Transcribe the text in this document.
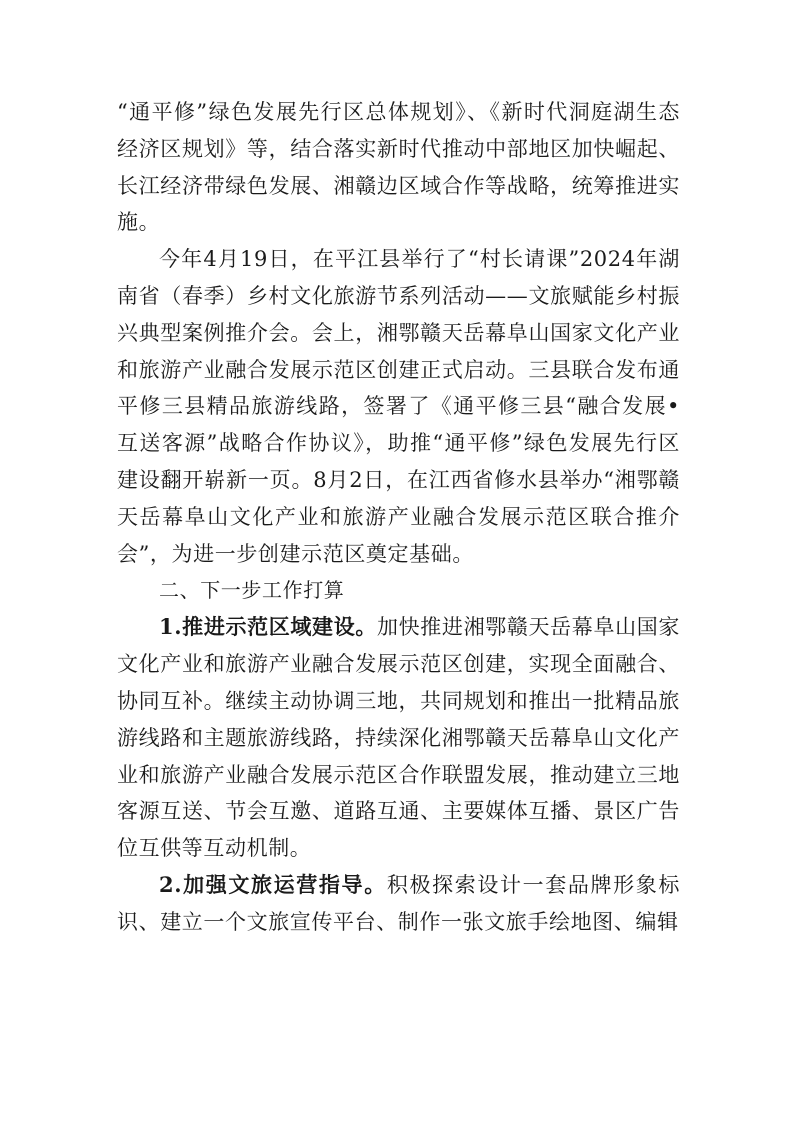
“通平修”绿色发展先行区总体规划》、《新时代洞庭湖生态经济区规划》等，结合落实新时代推动中部地区加快崛起、长江经济带绿色发展、湘赣边区域合作等战略，统筹推进实施。

今年4月19日，在平江县举行了“村长请课”2024年湖南省（春季）乡村文化旅游节系列活动——文旅赋能乡村振兴典型案例推介会。会上，湘鄂赣天岳幕阜山国家文化产业和旅游产业融合发展示范区创建正式启动。三县联合发布通平修三县精品旅游线路，签署了《通平修三县“融合发展•互送客源”战略合作协议》，助推“通平修”绿色发展先行区建设翻开崭新一页。8月2日，在江西省修水县举办“湘鄂赣天岳幕阜山文化产业和旅游产业融合发展示范区联合推介会”，为进一步创建示范区奠定基础。

二、下一步工作打算

1.推进示范区域建设。加快推进湘鄂赣天岳幕阜山国家文化产业和旅游产业融合发展示范区创建，实现全面融合、协同互补。继续主动协调三地，共同规划和推出一批精品旅游线路和主题旅游线路，持续深化湘鄂赣天岳幕阜山文化产业和旅游产业融合发展示范区合作联盟发展，推动建立三地客源互送、节会互邀、道路互通、主要媒体互播、景区广告位互供等互动机制。

2.加强文旅运营指导。积极探索设计一套品牌形象标识、建立一个文旅宣传平台、制作一张文旅手绘地图、编辑
